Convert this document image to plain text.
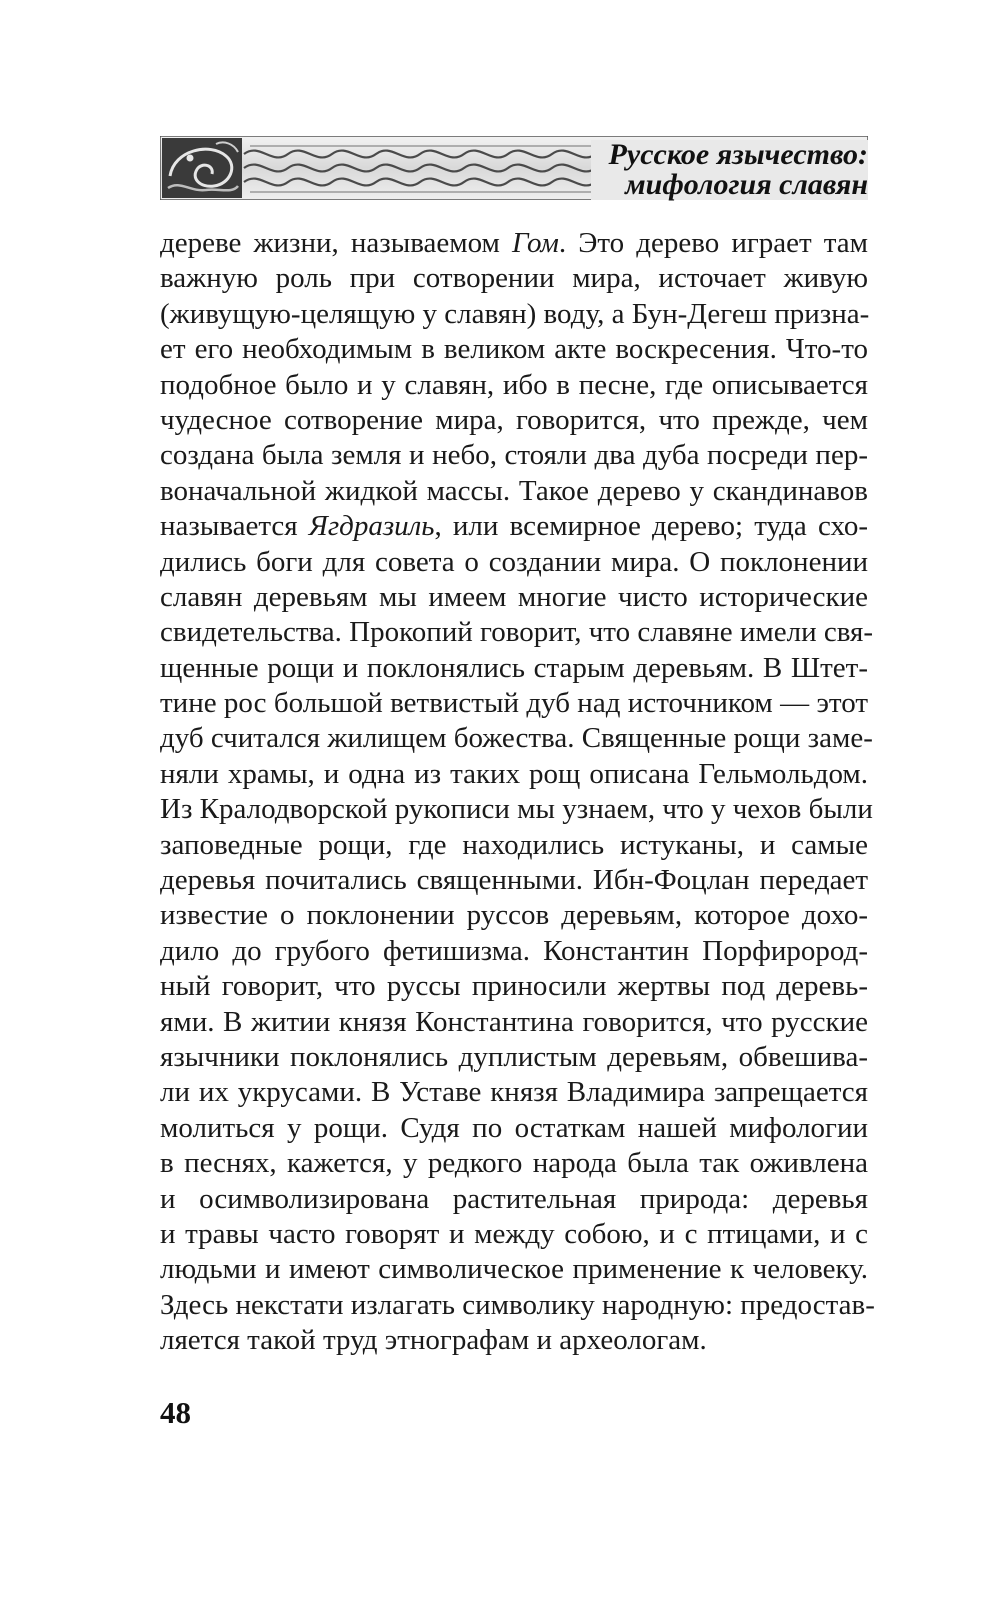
Русское язычество:
мифология славян
дереве жизни, называемом Гом. Это дерево играет там
важную роль при сотворении мира, источает живую
(живущую-целящую у славян) воду, а Бун-Дегеш призна-
ет его необходимым в великом акте воскресения. Что-то
подобное было и у славян, ибо в песне, где описывается
чудесное сотворение мира, говорится, что прежде, чем
создана была земля и небо, стояли два дуба посреди пер-
воначальной жидкой массы. Такое дерево у скандинавов
называется Ягдразиль, или всемирное дерево; туда схо-
дились боги для совета о создании мира. О поклонении
славян деревьям мы имеем многие чисто исторические
свидетельства. Прокопий говорит, что славяне имели свя-
щенные рощи и поклонялись старым деревьям. В Штет-
тине рос большой ветвистый дуб над источником — этот
дуб считался жилищем божества. Священные рощи заме-
няли храмы, и одна из таких рощ описана Гельмольдом.
Из Кралодворской рукописи мы узнаем, что у чехов были
заповедные рощи, где находились истуканы, и самые
деревья почитались священными. Ибн-Фоцлан передает
известие о поклонении руссов деревьям, которое дохо-
дило до грубого фетишизма. Константин Порфирород-
ный говорит, что руссы приносили жертвы под деревь-
ями. В житии князя Константина говорится, что русские
язычники поклонялись дуплистым деревьям, обвешива-
ли их укрусами. В Уставе князя Владимира запрещается
молиться у рощи. Судя по остаткам нашей мифологии
в песнях, кажется, у редкого народа была так оживлена
и осимволизирована растительная природа: деревья
и травы часто говорят и между собою, и с птицами, и с
людьми и имеют символическое применение к человеку.
Здесь некстати излагать символику народную: предостав-
ляется такой труд этнографам и археологам.
48
